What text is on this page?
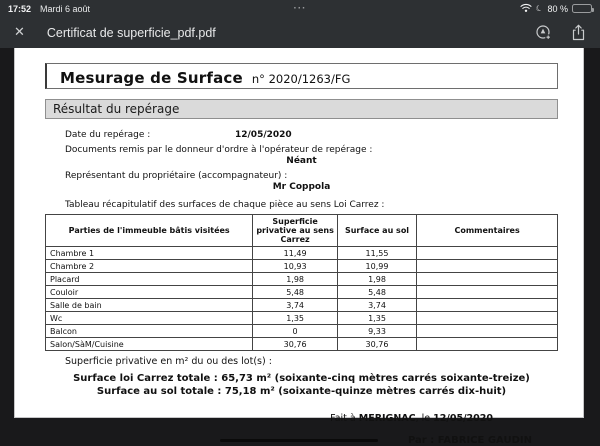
17:52 Mardi 6 août	···	☾ 80 %
✕ Certificat de superficie_pdf.pdf
Mesurage de Surface n° 2020/1263/FG
Résultat du repérage
Date du repérage :	12/05/2020
Documents remis par le donneur d'ordre à l'opérateur de repérage :
Néant
Représentant du propriétaire (accompagnateur) :
Mr Coppola
Tableau récapitulatif des surfaces de chaque pièce au sens Loi Carrez :
Parties de l'immeuble bâtis visitées	Superficie privative au sens Carrez	Surface au sol	Commentaires
Chambre 1	11,49	11,55	
Chambre 2	10,93	10,99	
Placard	1,98	1,98	
Couloir	5,48	5,48	
Salle de bain	3,74	3,74	
Wc	1,35	1,35	
Balcon	0	9,33	
Salon/SàM/Cuisine	30,76	30,76	
Superficie privative en m² du ou des lot(s) :
Surface loi Carrez totale : 65,73 m² (soixante-cinq mètres carrés soixante-treize)
Surface au sol totale : 75,18 m² (soixante-quinze mètres carrés dix-huit)
Fait à MERIGNAC, le 12/05/2020
Par : FABRICE GAUDIN
